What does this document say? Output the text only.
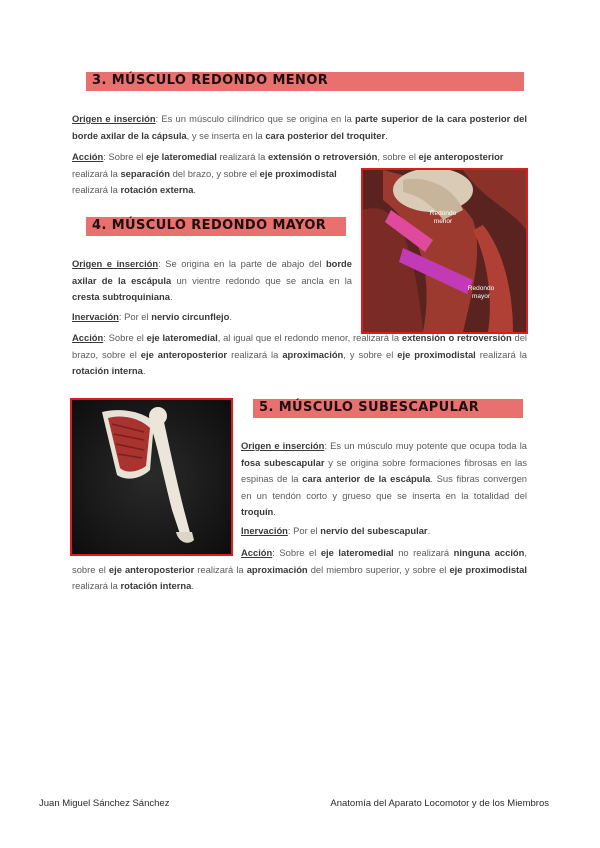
3. MÚSCULO REDONDO MENOR
Origen e inserción: Es un músculo cilíndrico que se origina en la parte superior de la cara posterior del borde axilar de la cápsula, y se inserta en la cara posterior del troquiter.
Acción: Sobre el eje lateromedial realizará la extensión o retroversión, sobre el eje anteroposterior
realizará la separación del brazo, y sobre el eje proximodistal
realizará la rotación externa.
Redondo menor
Redondo mayor
4. MÚSCULO REDONDO MAYOR
Origen e inserción: Se origina en la parte de abajo del borde axilar de la escápula un vientre redondo que se ancla en la cresta subtroquiniana.
Inervación: Por el nervio circunflejo.
Acción: Sobre el eje lateromedial, al igual que el redondo menor, realizará la extensión o retroversión del brazo, sobre el eje anteroposterior realizará la aproximación, y sobre el eje proximodistal realizará la rotación interna.
5. MÚSCULO SUBESCAPULAR
Origen e inserción: Es un músculo muy potente que ocupa toda la fosa subescapular y se origina sobre formaciones fibrosas en las espinas de la cara anterior de la escápula. Sus fibras convergen en un tendón corto y grueso que se inserta en la totalidad del troquín.
Inervación: Por el nervio del subescapular.
Acción: Sobre el eje lateromedial no realizará ninguna acción, sobre el eje anteroposterior realizará la aproximación del miembro superior, y sobre el eje proximodistal realizará la rotación interna.
Juan Miguel Sánchez Sánchez	Anatomía del Aparato Locomotor y de los Miembros
